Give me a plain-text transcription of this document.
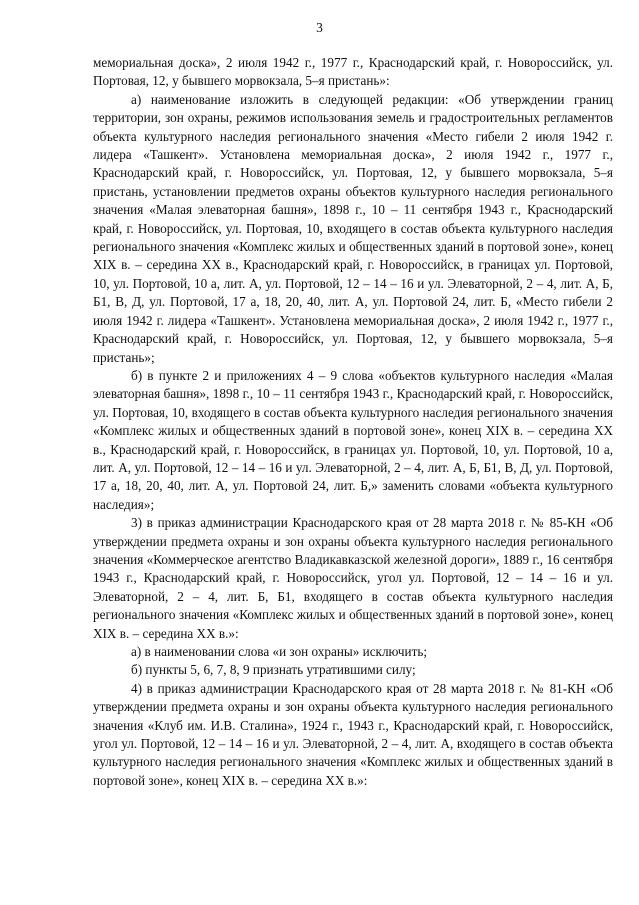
3

мемориальная доска», 2 июля 1942 г., 1977 г., Краснодарский край, г. Новороссийск, ул. Портовая, 12, у бывшего морвокзала, 5–я пристань»:

а) наименование изложить в следующей редакции: «Об утверждении границ территории, зон охраны, режимов использования земель и градостроительных регламентов объекта культурного наследия регионального значения «Место гибели 2 июля 1942 г. лидера «Ташкент». Установлена мемориальная доска», 2 июля 1942 г., 1977 г., Краснодарский край, г. Новороссийск, ул. Портовая, 12, у бывшего морвокзала, 5–я пристань, установлении предметов охраны объектов культурного наследия регионального значения «Малая элеваторная башня», 1898 г., 10 – 11 сентября 1943 г., Краснодарский край, г. Новороссийск, ул. Портовая, 10, входящего в состав объекта культурного наследия регионального значения «Комплекс жилых и общественных зданий в портовой зоне», конец XIX в. – середина XX в., Краснодарский край, г. Новороссийск, в границах ул. Портовой, 10, ул. Портовой, 10 а, лит. А, ул. Портовой, 12 – 14 – 16 и ул. Элеваторной, 2 – 4, лит. А, Б, Б1, В, Д, ул. Портовой, 17 а, 18, 20, 40, лит. А, ул. Портовой 24, лит. Б, «Место гибели 2 июля 1942 г. лидера «Ташкент». Установлена мемориальная доска», 2 июля 1942 г., 1977 г., Краснодарский край, г. Новороссийск, ул. Портовая, 12, у бывшего морвокзала, 5–я пристань»;

б) в пункте 2 и приложениях 4 – 9 слова «объектов культурного наследия «Малая элеваторная башня», 1898 г., 10 – 11 сентября 1943 г., Краснодарский край, г. Новороссийск, ул. Портовая, 10, входящего в состав объекта культурного наследия регионального значения «Комплекс жилых и общественных зданий в портовой зоне», конец XIX в. – середина XX в., Краснодарский край, г. Новороссийск, в границах ул. Портовой, 10, ул. Портовой, 10 а, лит. А, ул. Портовой, 12 – 14 – 16 и ул. Элеваторной, 2 – 4, лит. А, Б, Б1, В, Д, ул. Портовой, 17 а, 18, 20, 40, лит. А, ул. Портовой 24, лит. Б,» заменить словами «объекта культурного наследия»;

3) в приказ администрации Краснодарского края от 28 марта 2018 г. № 85-КН «Об утверждении предмета охраны и зон охраны объекта культурного наследия регионального значения «Коммерческое агентство Владикавказской железной дороги», 1889 г., 16 сентября 1943 г., Краснодарский край, г. Новороссийск, угол ул. Портовой, 12 – 14 – 16 и ул. Элеваторной, 2 – 4, лит. Б, Б1, входящего в состав объекта культурного наследия регионального значения «Комплекс жилых и общественных зданий в портовой зоне», конец XIX в. – середина XX в.»:

а) в наименовании слова «и зон охраны» исключить;

б) пункты 5, 6, 7, 8, 9 признать утратившими силу;

4) в приказ администрации Краснодарского края от 28 марта 2018 г. № 81-КН «Об утверждении предмета охраны и зон охраны объекта культурного наследия регионального значения «Клуб им. И.В. Сталина», 1924 г., 1943 г., Краснодарский край, г. Новороссийск, угол ул. Портовой, 12 – 14 – 16 и ул. Элеваторной, 2 – 4, лит. А, входящего в состав объекта культурного наследия регионального значения «Комплекс жилых и общественных зданий в портовой зоне», конец XIX в. – середина XX в.»:
